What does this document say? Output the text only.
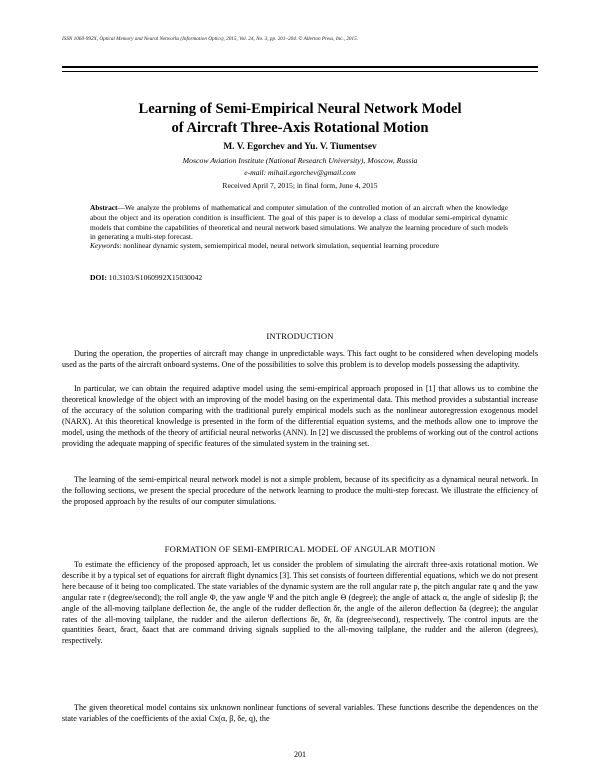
ISSN 1060-992X, Optical Memory and Neural Networks (Information Optics), 2015, Vol. 24, No. 3, pp. 201–204. © Allerton Press, Inc., 2015.
Learning of Semi-Empirical Neural Network Model
of Aircraft Three-Axis Rotational Motion
M. V. Egorchev and Yu. V. Tiumentsev
Moscow Aviation Institute (National Research University), Moscow, Russia
e-mail: mihail.egorchev@gmail.com
Received April 7, 2015; in final form, June 4, 2015
Abstract—We analyze the problems of mathematical and computer simulation of the controlled motion of an aircraft when the knowledge about the object and its operation condition is insufficient. The goal of this paper is to develop a class of modular semi-empirical dynamic models that combine the capabilities of theoretical and neural network based simulations. We analyze the learning procedure of such models in generating a multi-step forecast.
Keywords: nonlinear dynamic system, semiempirical model, neural network simulation, sequential learning procedure
DOI: 10.3103/S1060992X15030042
INTRODUCTION

During the operation, the properties of aircraft may change in unpredictable ways. This fact ought to be considered when developing models used as the parts of the aircraft onboard systems. One of the possibilities to solve this problem is to develop models possessing the adaptivity.

In particular, we can obtain the required adaptive model using the semi-empirical approach proposed in [1] that allows us to combine the theoretical knowledge of the object with an improving of the model basing on the experimental data. This method provides a substantial increase of the accuracy of the solution comparing with the traditional purely empirical models such as the nonlinear autoregression exogenous model (NARX). At this theoretical knowledge is presented in the form of the differential equation systems, and the methods allow one to improve the model, using the methods of the theory of artificial neural networks (ANN). In [2] we discussed the problems of working out of the control actions providing the adequate mapping of specific features of the simulated system in the training set.

The learning of the semi-empirical neural network model is not a simple problem, because of its specificity as a dynamical neural network. In the following sections, we present the special procedure of the network learning to produce the multi-step forecast. We illustrate the efficiency of the proposed approach by the results of our computer simulations.

FORMATION OF SEMI-EMPIRICAL MODEL OF ANGULAR MOTION

To estimate the efficiency of the proposed approach, let us consider the problem of simulating the aircraft three-axis rotational motion. We describe it by a typical set of equations for aircraft flight dynamics [3]. This set consists of fourteen differential equations, which we do not present here because of it being too complicated. The state variables of the dynamic system are the roll angular rate p, the pitch angular rate q and the yaw angular rate r (degree/second); the roll angle Φ, the yaw angle Ψ and the pitch angle Θ (degree); the angle of attack α, the angle of sideslip β; the angle of the all-moving tailplane deflection δe, the angle of the rudder deflection δr, the angle of the aileron deflection δa (degree); the angular rates of the all-moving tailplane, the rudder and the aileron deflections δ̇e, δ̇r, δ̇a (degree/second), respectively. The control inputs are the quantities δeact, δract, δaact that are command driving signals supplied to the all-moving tailplane, the rudder and the aileron (degrees), respectively.

The given theoretical model contains six unknown nonlinear functions of several variables. These functions describe the dependences on the state variables of the coefficients of the axial Cx(α, β, δe, q), the

201
